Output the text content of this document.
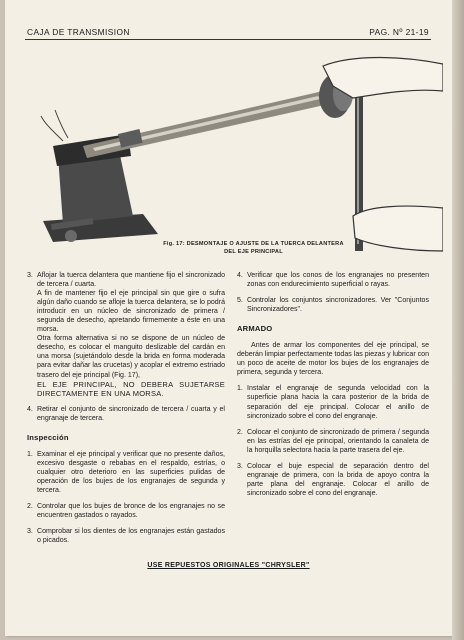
CAJA DE TRANSMISION	PAG. Nº 21-19
Fig. 17: DESMONTAJE O AJUSTE DE LA TUERCA DELANTERA
DEL EJE PRINCIPAL
3. Aflojar la tuerca delantera que mantiene fijo el sincronizado de tercera / cuarta.

A fin de mantener fijo el eje principal sin que gire o sufra algún daño cuando se afloje la tuerca delantera, se lo podrá introducir en un núcleo de sincronizado de primera / segunda de desecho, apretando firmemente a éste en una morsa.

Otra forma alternativa si no se dispone de un núcleo de desecho, es colocar el manguito deslizable del cardán en una morsa (sujetándolo desde la brida en forma moderada para evitar dañar las crucetas) y acoplar el extremo estriado trasero del eje principal (Fig. 17),

EL EJE PRINCIPAL, NO DEBERA SUJETARSE DIRECTAMENTE EN UNA MORSA.

4. Retirar el conjunto de sincronizado de tercera / cuarta y el engranaje de tercera.

Inspección
1. Examinar el eje principal y verificar que no presente daños, excesivo desgaste o rebabas en el respaldo, estrías, o cualquier otro deterioro en las superficies pulidas de operación de los bujes de los engranajes de segunda y tercera.

2. Controlar que los bujes de bronce de los engranajes no se encuentren gastados o rayados.

3. Comprobar si los dientes de los engranajes están gastados o picados.

4. Verificar que los conos de los engranajes no presenten zonas con endurecimiento superficial o rayas.

5. Controlar los conjuntos sincronizadores. Ver "Conjuntos Sincronizadores".

ARMADO

Antes de armar los componentes del eje principal, se deberán limpiar perfectamente todas las piezas y lubricar con un poco de aceite de motor los bujes de los engranajes de primera, segunda y tercera.

1. Instalar el engranaje de segunda velocidad con la superficie plana hacia la cara posterior de la brida de separación del eje principal. Colocar el anillo de sincronizado sobre el cono del engranaje.

2. Colocar el conjunto de sincronizado de primera / segunda en las estrías del eje principal, orientando la canaleta de la horquilla selectora hacia la parte trasera del eje.

3. Colocar el buje especial de separación dentro del engranaje de primera, con la brida de apoyo contra la parte plana del engranaje. Colocar el anillo de sincronizado sobre el cono del engranaje.

USE REPUESTOS ORIGINALES "CHRYSLER"
